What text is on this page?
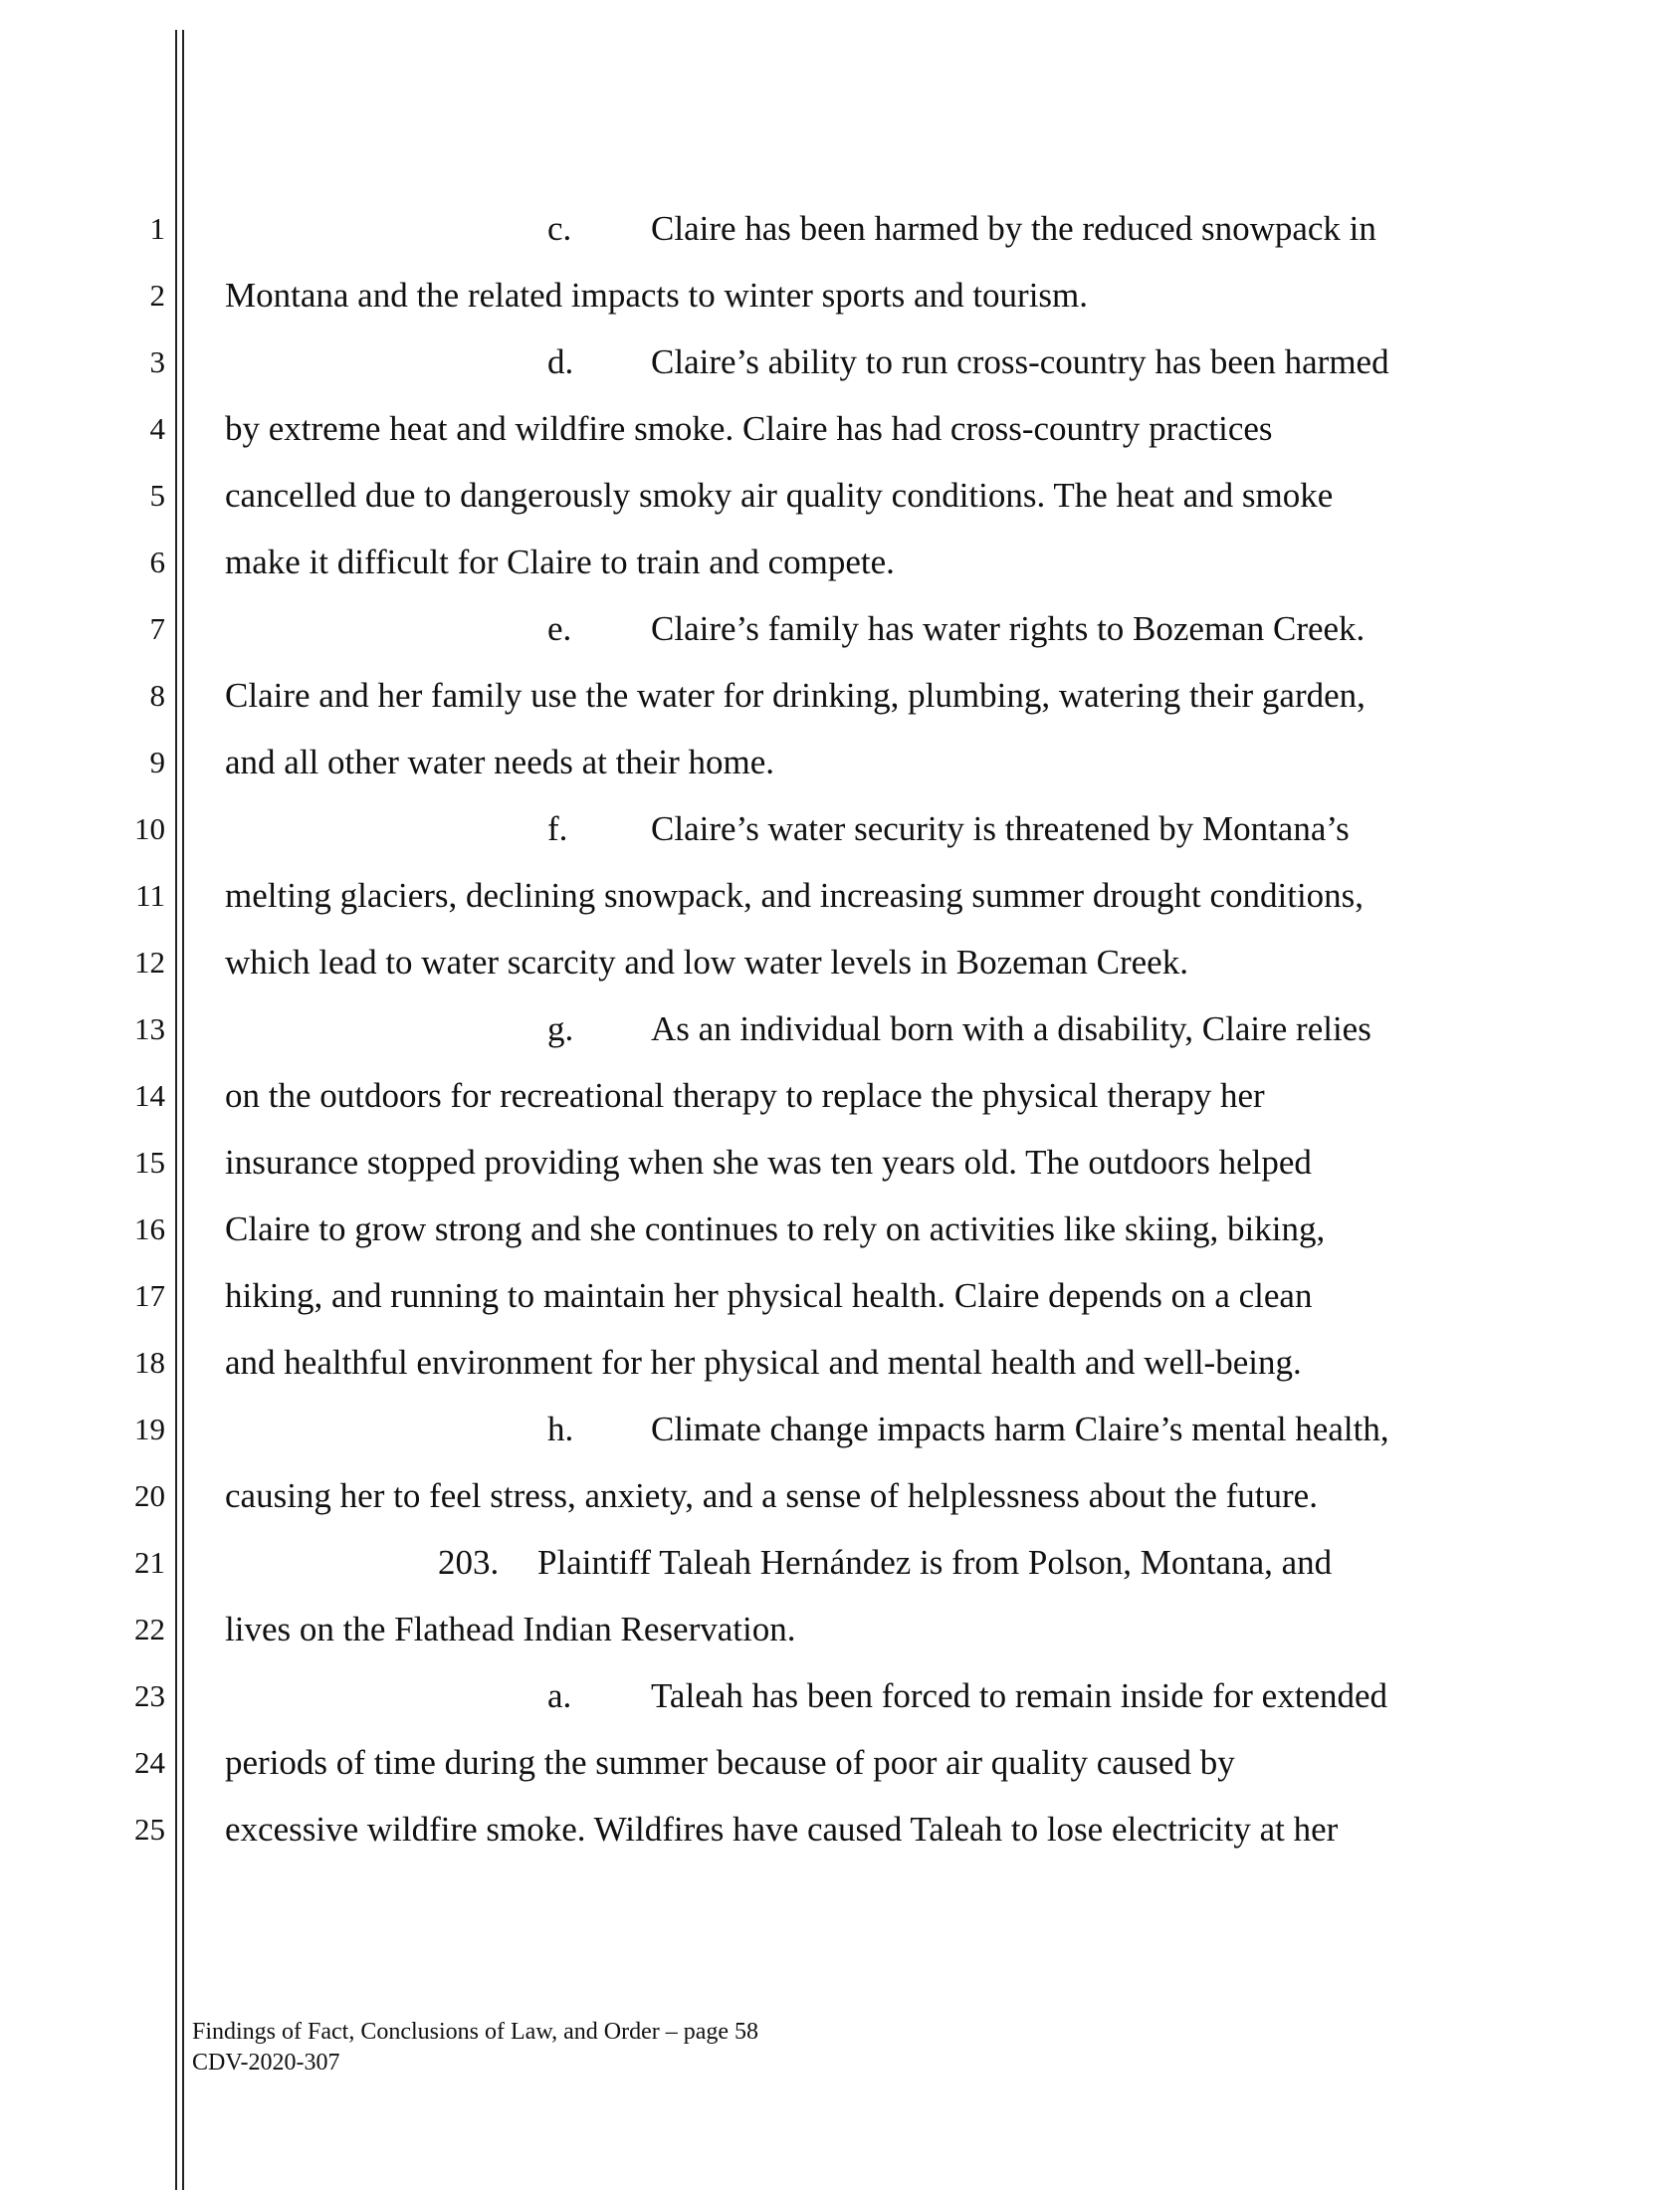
1
2
3
4
5
6
7
8
9
10
11
12
13
14
15
16
17
18
19
20
21
22
23
24
25
c. Claire has been harmed by the reduced snowpack in
Montana and the related impacts to winter sports and tourism.
d. Claire’s ability to run cross-country has been harmed
by extreme heat and wildfire smoke. Claire has had cross-country practices
cancelled due to dangerously smoky air quality conditions. The heat and smoke
make it difficult for Claire to train and compete.
e. Claire’s family has water rights to Bozeman Creek.
Claire and her family use the water for drinking, plumbing, watering their garden,
and all other water needs at their home.
f. Claire’s water security is threatened by Montana’s
melting glaciers, declining snowpack, and increasing summer drought conditions,
which lead to water scarcity and low water levels in Bozeman Creek.
g. As an individual born with a disability, Claire relies
on the outdoors for recreational therapy to replace the physical therapy her
insurance stopped providing when she was ten years old. The outdoors helped
Claire to grow strong and she continues to rely on activities like skiing, biking,
hiking, and running to maintain her physical health. Claire depends on a clean
and healthful environment for her physical and mental health and well-being.
h. Climate change impacts harm Claire’s mental health,
causing her to feel stress, anxiety, and a sense of helplessness about the future.
203. Plaintiff Taleah Hernández is from Polson, Montana, and
lives on the Flathead Indian Reservation.
a. Taleah has been forced to remain inside for extended
periods of time during the summer because of poor air quality caused by
excessive wildfire smoke. Wildfires have caused Taleah to lose electricity at her
Findings of Fact, Conclusions of Law, and Order – page 58
CDV-2020-307
